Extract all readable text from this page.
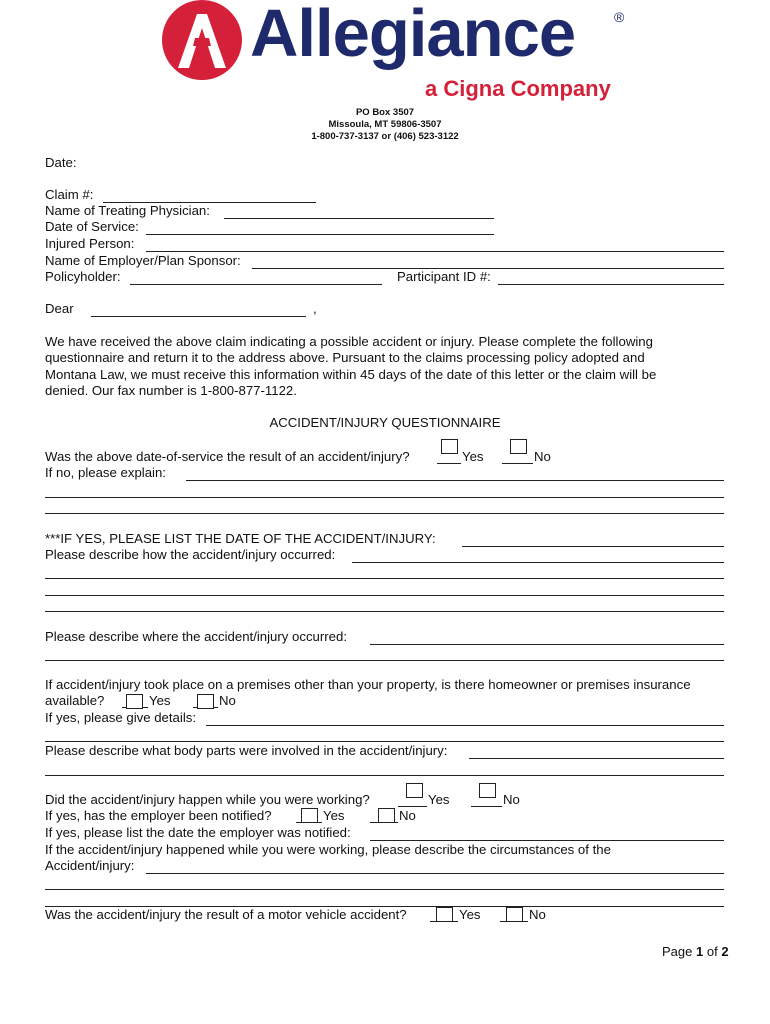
Allegiance	®
a Cigna Company
PO Box 3507
Missoula, MT 59806-3507
1-800-737-3137 or (406) 523-3122
Date:
Claim #:
Name of Treating Physician:
Date of Service:
Injured Person:
Name of Employer/Plan Sponsor:
Policyholder:	Participant ID #:
Dear	,
We have received the above claim indicating a possible accident or injury. Please complete the following
questionnaire and return it to the address above. Pursuant to the claims processing policy adopted and
Montana Law, we must receive this information within 45 days of the date of this letter or the claim will be
denied. Our fax number is 1-800-877-1122.
ACCIDENT/INJURY QUESTIONNAIRE
Was the above date-of-service the result of an accident/injury?	Yes	No
If no, please explain:
***IF YES, PLEASE LIST THE DATE OF THE ACCIDENT/INJURY:
Please describe how the accident/injury occurred:
Please describe where the accident/injury occurred:
If accident/injury took place on a premises other than your property, is there homeowner or premises insurance
available?	Yes	No
If yes, please give details:
Please describe what body parts were involved in the accident/injury:
Did the accident/injury happen while you were working?	Yes	No
If yes, has the employer been notified?	Yes	No
If yes, please list the date the employer was notified:
If the accident/injury happened while you were working, please describe the circumstances of the
Accident/injury:
Was the accident/injury the result of a motor vehicle accident?	Yes	No
Page 1 of 2
